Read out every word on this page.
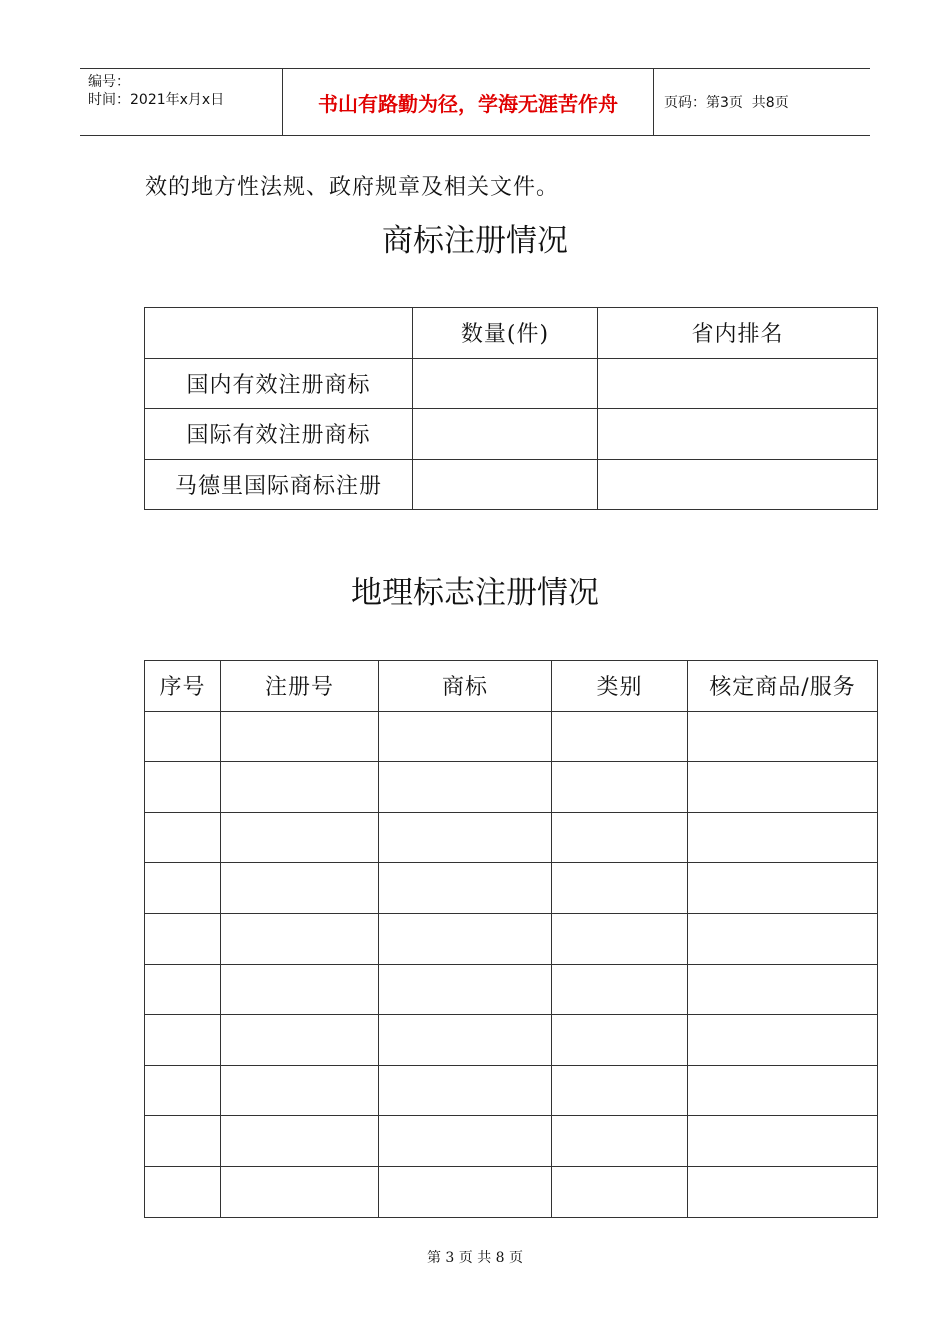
编号：
时间：2021年x月x日	书山有路勤为径，学海无涯苦作舟	页码：第3页  共8页
效的地方性法规、政府规章及相关文件。
商标注册情况
	数量(件)	省内排名
国内有效注册商标		
国际有效注册商标		
马德里国际商标注册		
地理标志注册情况
序号	注册号	商标	类别	核定商品/服务

第 3 页 共 8 页
